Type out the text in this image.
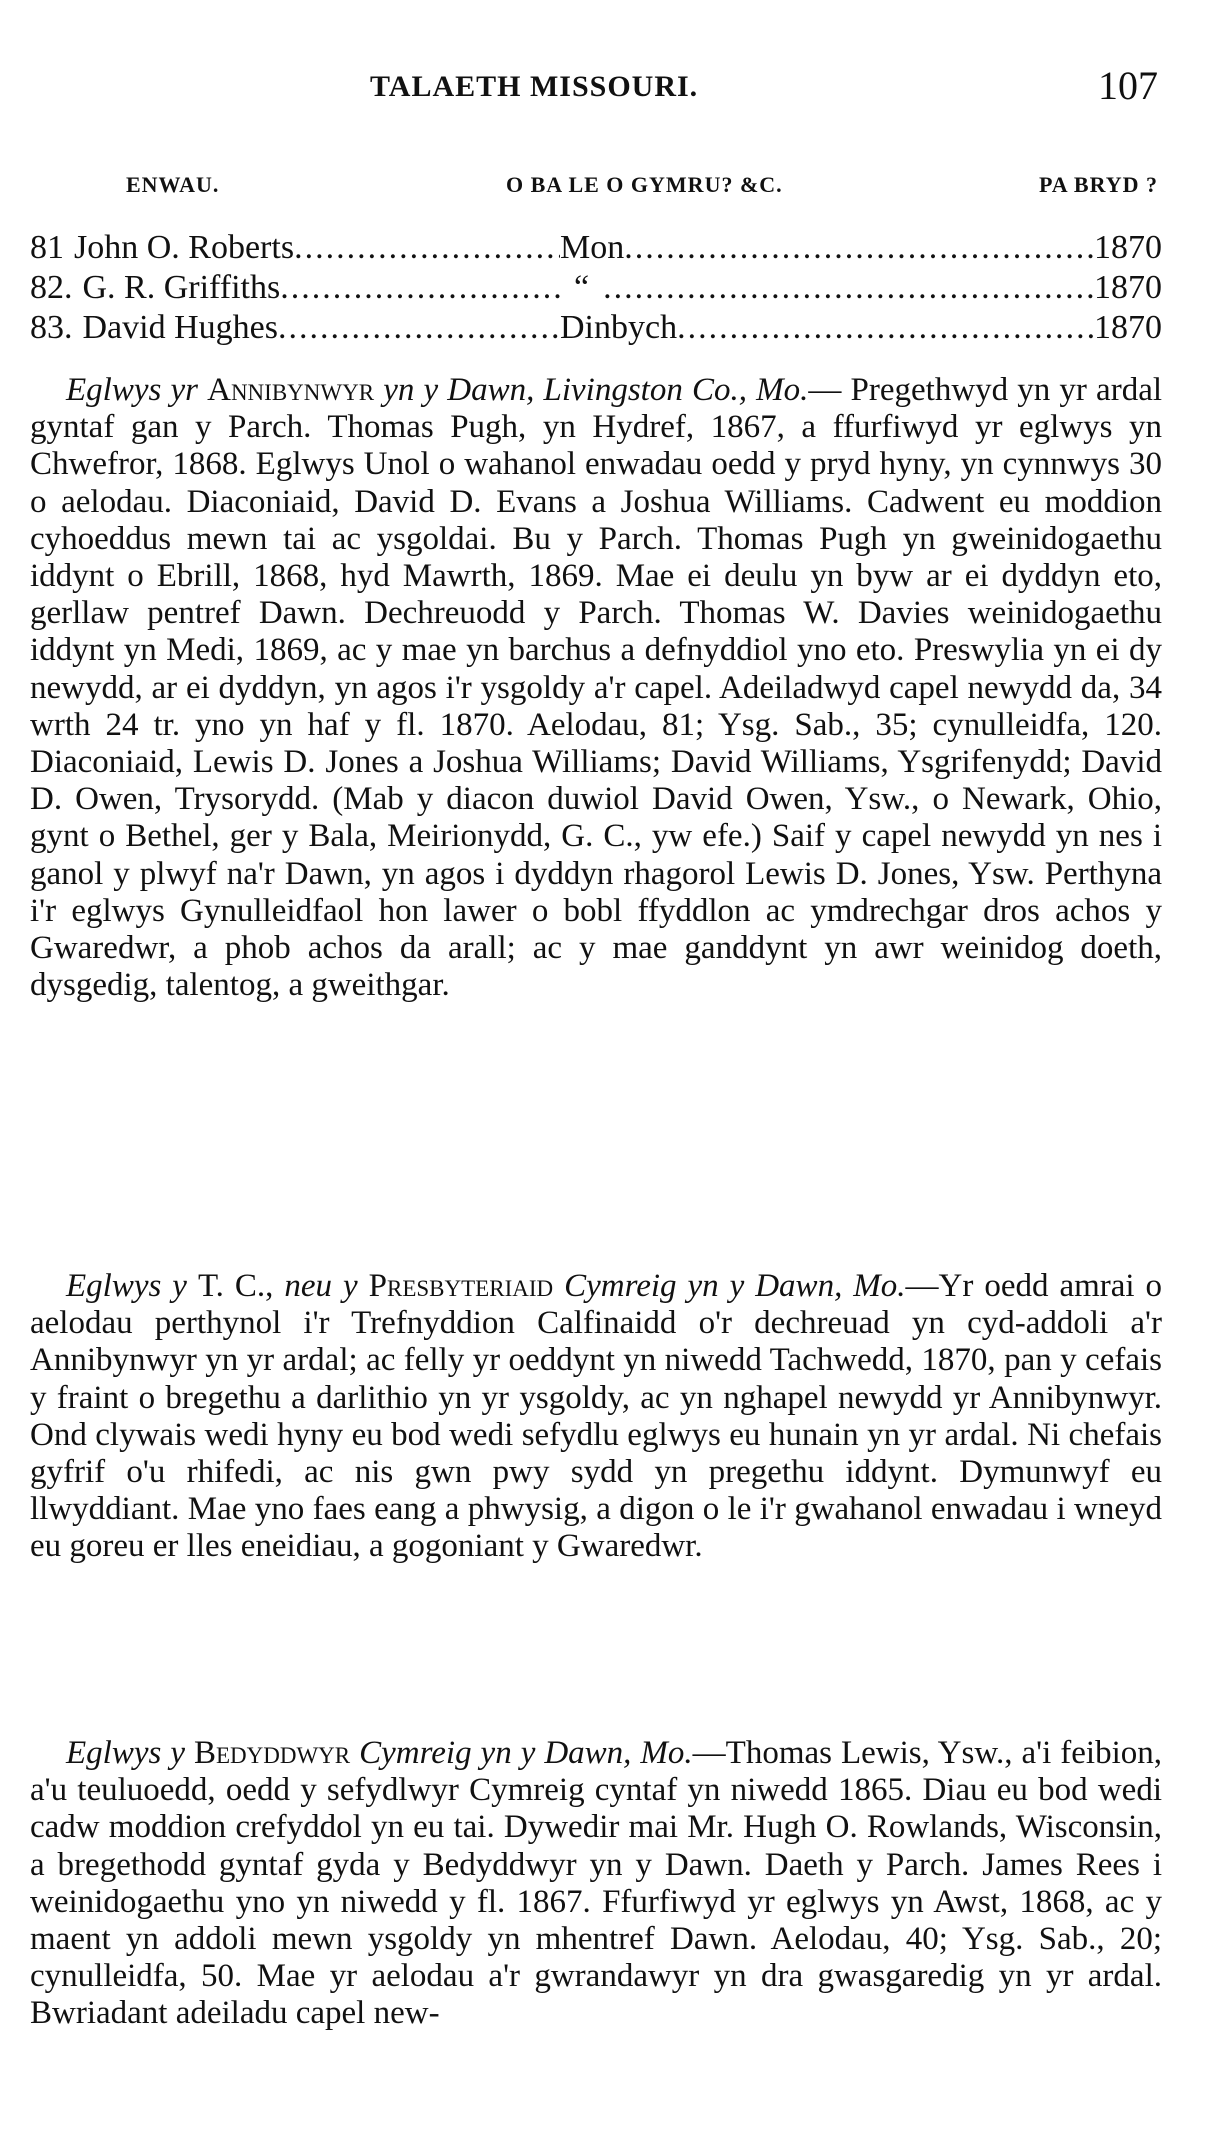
TALAETH MISSOURI.	107
ENWAU.	O BA LE O GYMRU? &C.	PA BRYD ?
81 John O. Roberts .....	Mon .....	1870
82. G. R. Griffiths .....	“ .....	1870
83. David Hughes .....	Dinbych .....	1870

Eglwys yr Annibynwyr yn y Dawn, Livingston Co., Mo.— Pregethwyd yn yr ardal gyntaf gan y Parch. Thomas Pugh, yn Hydref, 1867, a ffurfiwyd yr eglwys yn Chwefror, 1868. Eglwys Unol o wahanol enwadau oedd y pryd hyny, yn cynnwys 30 o aelodau. Diaconiaid, David D. Evans a Joshua Williams. Cadwent eu moddion cyhoeddus mewn tai ac ysgoldai. Bu y Parch. Thomas Pugh yn gweinidogaethu iddynt o Ebrill, 1868, hyd Mawrth, 1869. Mae ei deulu yn byw ar ei dyddyn eto, gerllaw pentref Dawn. Dechreuodd y Parch. Thomas W. Davies weinidogaethu iddynt yn Medi, 1869, ac y mae yn barchus a defnyddiol yno eto. Preswylia yn ei dy newydd, ar ei dyddyn, yn agos i'r ysgoldy a'r capel. Adeiladwyd capel newydd da, 34 wrth 24 tr. yno yn haf y fl. 1870. Aelodau, 81; Ysg. Sab., 35; cynulleidfa, 120. Diaconiaid, Lewis D. Jones a Joshua Williams; David Williams, Ysgrifenydd; David D. Owen, Trysorydd. (Mab y diacon duwiol David Owen, Ysw., o Newark, Ohio, gynt o Bethel, ger y Bala, Meirionydd, G. C., yw efe.) Saif y capel newydd yn nes i ganol y plwyf na'r Dawn, yn agos i dyddyn rhagorol Lewis D. Jones, Ysw. Perthyna i'r eglwys Gynulleidfaol hon lawer o bobl ffyddlon ac ymdrechgar dros achos y Gwaredwr, a phob achos da arall; ac y mae ganddynt yn awr weinidog doeth, dysgedig, talentog, a gweithgar.

Eglwys y T. C., neu y Presbyteriaid Cymreig yn y Dawn, Mo.—Yr oedd amrai o aelodau perthynol i'r Trefnyddion Calfinaidd o'r dechreuad yn cyd-addoli a'r Annibynwyr yn yr ardal; ac felly yr oeddynt yn niwedd Tachwedd, 1870, pan y cefais y fraint o bregethu a darlithio yn yr ysgoldy, ac yn nghapel newydd yr Annibynwyr. Ond clywais wedi hyny eu bod wedi sefydlu eglwys eu hunain yn yr ardal. Ni chefais gyfrif o'u rhifedi, ac nis gwn pwy sydd yn pregethu iddynt. Dymunwyf eu llwyddiant. Mae yno faes eang a phwysig, a digon o le i'r gwahanol enwadau i wneyd eu goreu er lles eneidiau, a gogoniant y Gwaredwr.

Eglwys y Bedyddwyr Cymreig yn y Dawn, Mo.—Thomas Lewis, Ysw., a'i feibion, a'u teuluoedd, oedd y sefydlwyr Cymreig cyntaf yn niwedd 1865. Diau eu bod wedi cadw moddion crefyddol yn eu tai. Dywedir mai Mr. Hugh O. Rowlands, Wisconsin, a bregethodd gyntaf gyda y Bedyddwyr yn y Dawn. Daeth y Parch. James Rees i weinidogaethu yno yn niwedd y fl. 1867. Ffurfiwyd yr eglwys yn Awst, 1868, ac y maent yn addoli mewn ysgoldy yn mhentref Dawn. Aelodau, 40; Ysg. Sab., 20; cynulleidfa, 50. Mae yr aelodau a'r gwrandawyr yn dra gwasgaredig yn yr ardal. Bwriadant adeiladu capel new-
